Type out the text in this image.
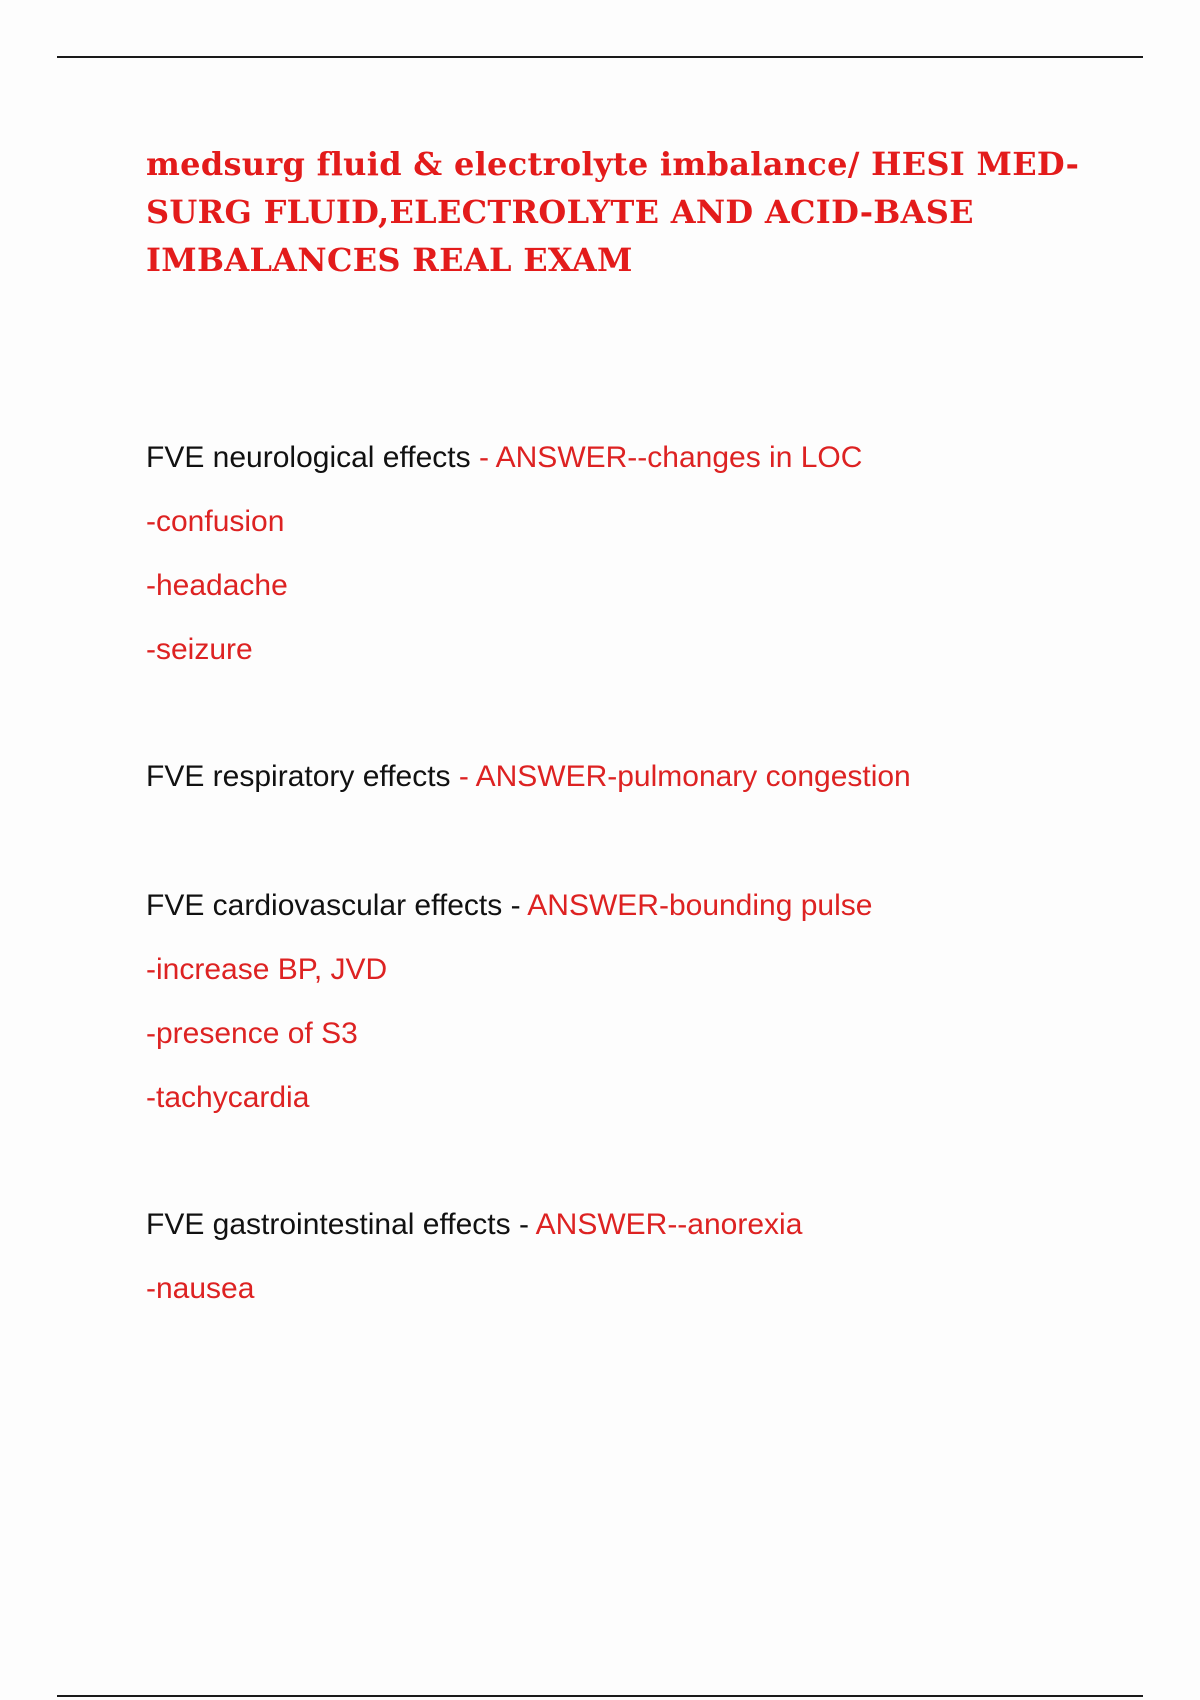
medsurg fluid & electrolyte imbalance/ HESI MED-SURG FLUID,ELECTROLYTE AND ACID-BASE IMBALANCES REAL EXAM

FVE neurological effects - ANSWER--changes in LOC

-confusion

-headache

-seizure

FVE respiratory effects - ANSWER-pulmonary congestion

FVE cardiovascular effects - ANSWER-bounding pulse

-increase BP, JVD

-presence of S3

-tachycardia

FVE gastrointestinal effects - ANSWER--anorexia

-nausea
